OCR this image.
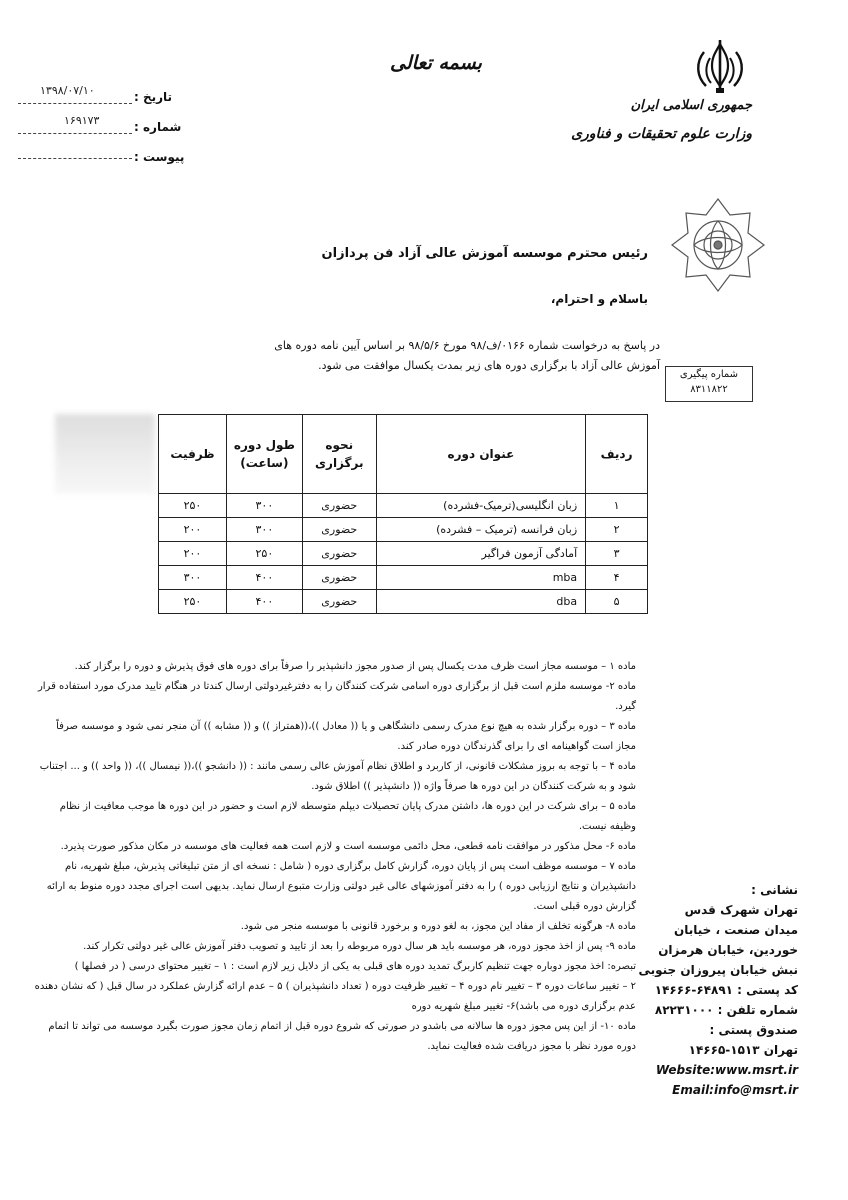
بسمه تعالی
جمهوری اسلامی ایران
وزارت علوم تحقیقات و فناوری
تاریخ :
۱۳۹۸/۰۷/۱۰
شماره :
۱۶۹۱۷۳
پیوست :
رئیس محترم موسسه آموزش عالی آزاد فن پردازان
باسلام و احترام،
در پاسخ به درخواست شماره ۰۱۶۶/ف/۹۸ مورخ ۹۸/۵/۶ بر اساس آیین نامه دوره های آموزش عالی آزاد با برگزاری دوره های زیر بمدت یکسال موافقت می شود.
شماره پیگیری
۸۳۱۱۸۲۲
ردیف	عنوان دوره	نحوه برگزاری	طول دوره (ساعت)	ظرفیت
۱	زبان انگلیسی(ترمیک-فشرده)	حضوری	۳۰۰	۲۵۰
۲	زبان فرانسه (ترمیک – فشرده)	حضوری	۳۰۰	۲۰۰
۳	آمادگی آزمون فراگیر	حضوری	۲۵۰	۲۰۰
۴	mba	حضوری	۴۰۰	۳۰۰
۵	dba	حضوری	۴۰۰	۲۵۰

ماده ۱ – موسسه مجاز است ظرف مدت یکسال پس از صدور مجوز دانشپذیر را صرفاً برای دوره های فوق پذیرش و دوره را برگزار کند.

ماده ۲- موسسه ملزم است قبل از برگزاری دوره اسامی شرکت کنندگان را به دفترغیردولتی ارسال کندتا در هنگام تایید مدرک مورد استفاده قرار گیرد.

ماده ۳ – دوره برگزار شده به هیچ نوع مدرک رسمی دانشگاهی و یا (( معادل ))،((همتراز )) و (( مشابه )) آن منجر نمی شود و موسسه صرفاً مجاز است گواهینامه ای را برای گذرندگان دوره صادر کند.

ماده ۴ – با توجه به بروز مشکلات قانونی، از کاربرد و اطلاق نظام آموزش عالی رسمی مانند : (( دانشجو ))،(( نیمسال ))، (( واحد )) و ... اجتناب شود و به شرکت کنندگان در این دوره ها صرفاً واژه (( دانشپذیر )) اطلاق شود.

ماده ۵ – برای شرکت در این دوره ها، داشتن مدرک پایان تحصیلات دیپلم متوسطه لازم است و حضور در این دوره ها موجب معافیت از نظام وظیفه نیست.

ماده ۶- محل مذکور در موافقت نامه قطعی، محل دائمی موسسه است و لازم است همه فعالیت های موسسه در مکان مذکور صورت پذیرد.

ماده ۷ – موسسه موظف است پس از پایان دوره، گزارش کامل برگزاری دوره ( شامل : نسخه ای از متن تبلیغاتی پذیرش، مبلغ شهریه، نام دانشپذیران و نتایج ارزیابی دوره ) را به دفتر آموزشهای عالی غیر دولتی وزارت متبوع ارسال نماید. بدیهی است اجرای مجدد دوره منوط به ارائه گزارش دوره قبلی است.

ماده ۸- هرگونه تخلف از مفاد این مجوز، به لغو دوره و برخورد قانونی با موسسه منجر می شود.

ماده ۹- پس از اخذ مجوز دوره، هر موسسه باید هر سال دوره مربوطه را بعد از تایید و تصویب دفتر آموزش عالی غیر دولتی تکرار کند.

تبصره: اخذ مجوز دوباره جهت تنظیم کاربرگ تمدید دوره های قبلی به یکی از دلایل زیر لازم است : ۱ – تغییر محتوای درسی ( در فصلها )

۲ – تغییر ساعات دوره ۳ – تغییر نام دوره ۴ – تغییر ظرفیت دوره ( تعداد دانشپذیران ) ۵ – عدم ارائه گزارش عملکرد در سال قبل ( که نشان دهنده عدم برگزاری دوره می باشد)۶- تغییر مبلغ شهریه دوره

ماده ۱۰- از این پس مجوز دوره ها سالانه می باشدو در صورتی که شروع دوره قبل از اتمام زمان مجوز صورت بگیرد موسسه می تواند تا اتمام دوره مورد نظر با مجوز دریافت شده فعالیت نماید.

نشانی :
تهران شهرک قدس
میدان صنعت ، خیابان
خوردین، خیابان هرمزان
نبش خیابان پیروزان جنوبی
کد پستی : ۶۴۸۹۱-۱۴۶۶۶
شماره تلفن : ۸۲۲۳۱۰۰۰
صندوق پستی :
تهران ۱۵۱۳-۱۴۶۶۵
Website:www.msrt.ir
Email:info@msrt.ir
